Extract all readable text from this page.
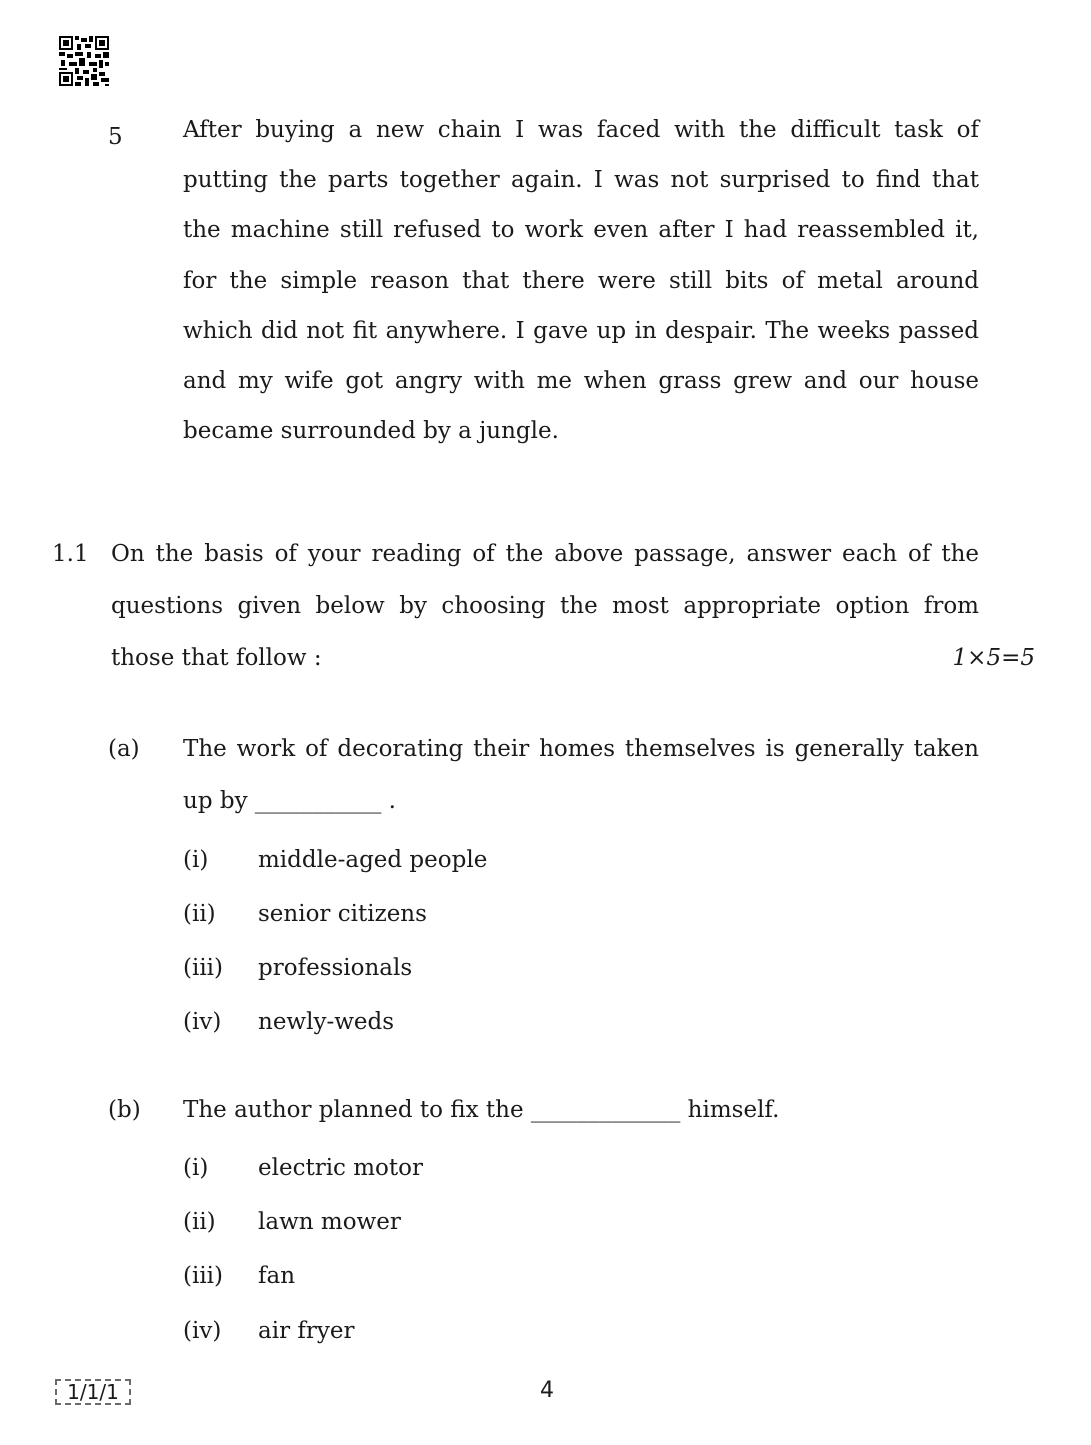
5	After buying a new chain I was faced with the difficult task of putting the parts together again. I was not surprised to find that the machine still refused to work even after I had reassembled it, for the simple reason that there were still bits of metal around which did not fit anywhere. I gave up in despair. The weeks passed and my wife got angry with me when grass grew and our house became surrounded by a jungle.

1.1 On the basis of your reading of the above passage, answer each of the questions given below by choosing the most appropriate option from those that follow :	1×5=5
(a) The work of decorating their homes themselves is generally taken up by ___________ .

(i) middle-aged people
(ii) senior citizens
(iii) professionals
(iv) newly-weds
(b) The author planned to fix the _____________ himself.

(i) electric motor
(ii) lawn mower
(iii) fan
(iv) air fryer
1/1/1	4
